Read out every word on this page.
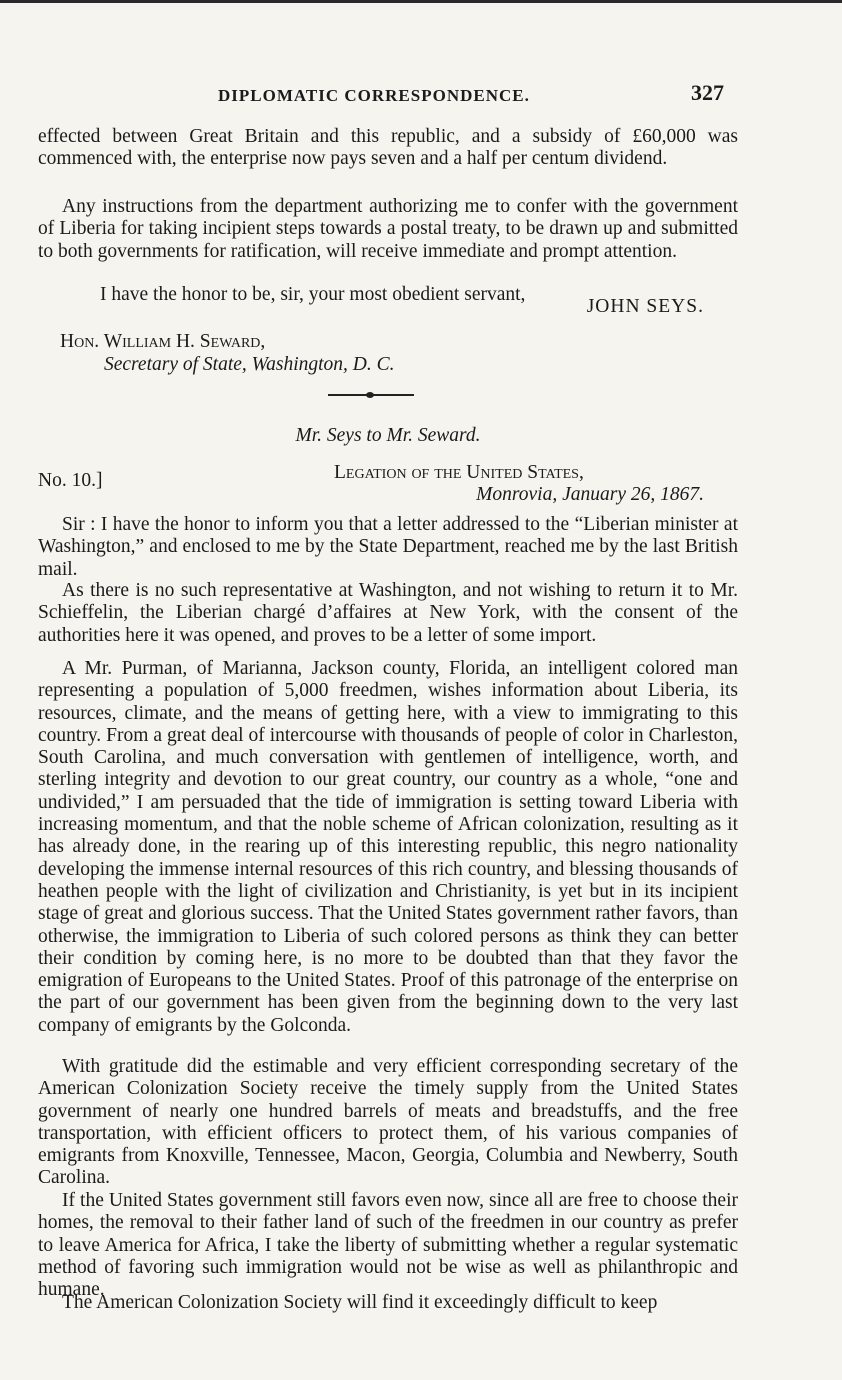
DIPLOMATIC CORRESPONDENCE.	327

effected between Great Britain and this republic, and a subsidy of £60,000 was commenced with, the enterprise now pays seven and a half per centum dividend.

Any instructions from the department authorizing me to confer with the government of Liberia for taking incipient steps towards a postal treaty, to be drawn up and submitted to both governments for ratification, will receive immediate and prompt attention.

I have the honor to be, sir, your most obedient servant,
JOHN SEYS.
Hon. William H. Seward,
Secretary of State, Washington, D. C.
Mr. Seys to Mr. Seward.
No. 10.]	Legation of the United States,
Monrovia, January 26, 1867.

Sir : I have the honor to inform you that a letter addressed to the “Liberian minister at Washington,” and enclosed to me by the State Department, reached me by the last British mail.

As there is no such representative at Washington, and not wishing to return it to Mr. Schieffelin, the Liberian chargé d’affaires at New York, with the consent of the authorities here it was opened, and proves to be a letter of some import.

A Mr. Purman, of Marianna, Jackson county, Florida, an intelligent colored man representing a population of 5,000 freedmen, wishes information about Liberia, its resources, climate, and the means of getting here, with a view to immigrating to this country. From a great deal of intercourse with thousands of people of color in Charleston, South Carolina, and much conversation with gentlemen of intelligence, worth, and sterling integrity and devotion to our great country, our country as a whole, “one and undivided,” I am persuaded that the tide of immigration is setting toward Liberia with increasing momentum, and that the noble scheme of African colonization, resulting as it has already done, in the rearing up of this interesting republic, this negro nationality developing the immense internal resources of this rich country, and blessing thousands of heathen people with the light of civilization and Christianity, is yet but in its incipient stage of great and glorious success. That the United States government rather favors, than otherwise, the immigration to Liberia of such colored persons as think they can better their condition by coming here, is no more to be doubted than that they favor the emigration of Europeans to the United States. Proof of this patronage of the enterprise on the part of our government has been given from the beginning down to the very last company of emigrants by the Golconda.

With gratitude did the estimable and very efficient corresponding secretary of the American Colonization Society receive the timely supply from the United States government of nearly one hundred barrels of meats and breadstuffs, and the free transportation, with efficient officers to protect them, of his various companies of emigrants from Knoxville, Tennessee, Macon, Georgia, Columbia and Newberry, South Carolina.

If the United States government still favors even now, since all are free to choose their homes, the removal to their father land of such of the freedmen in our country as prefer to leave America for Africa, I take the liberty of submitting whether a regular systematic method of favoring such immigration would not be wise as well as philanthropic and humane.

The American Colonization Society will find it exceedingly difficult to keep
